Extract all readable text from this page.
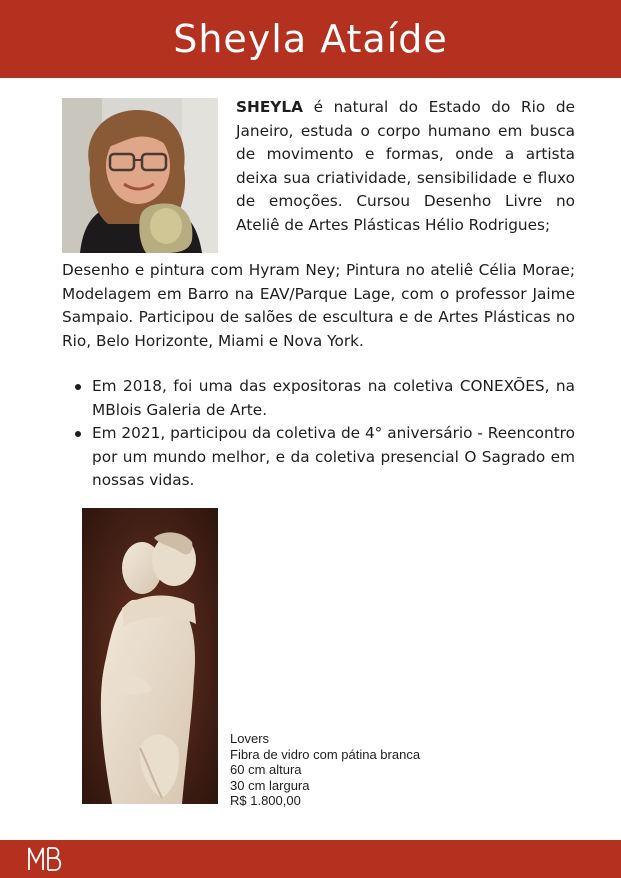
Sheyla Ataíde
SHEYLA é natural do Estado do Rio de Janeiro, estuda o corpo humano em busca de movimento e formas, onde a artista deixa sua criatividade, sensibilidade e fluxo de emoções. Cursou Desenho Livre no Ateliê de Artes Plásticas Hélio Rodrigues;
Desenho e pintura com Hyram Ney; Pintura no ateliê Célia Morae; Modelagem em Barro na EAV/Parque Lage, com o professor Jaime Sampaio. Participou de salões de escultura e de Artes Plásticas no Rio, Belo Horizonte, Miami e Nova York.
Em 2018, foi uma das expositoras na coletiva CONEXÕES, na MBlois Galeria de Arte.
Em 2021, participou da coletiva de 4° aniversário - Reencontro por um mundo melhor, e da coletiva presencial O Sagrado em nossas vidas.
Lovers
Fibra de vidro com pátina branca
60 cm altura
30 cm largura
R$ 1.800,00
